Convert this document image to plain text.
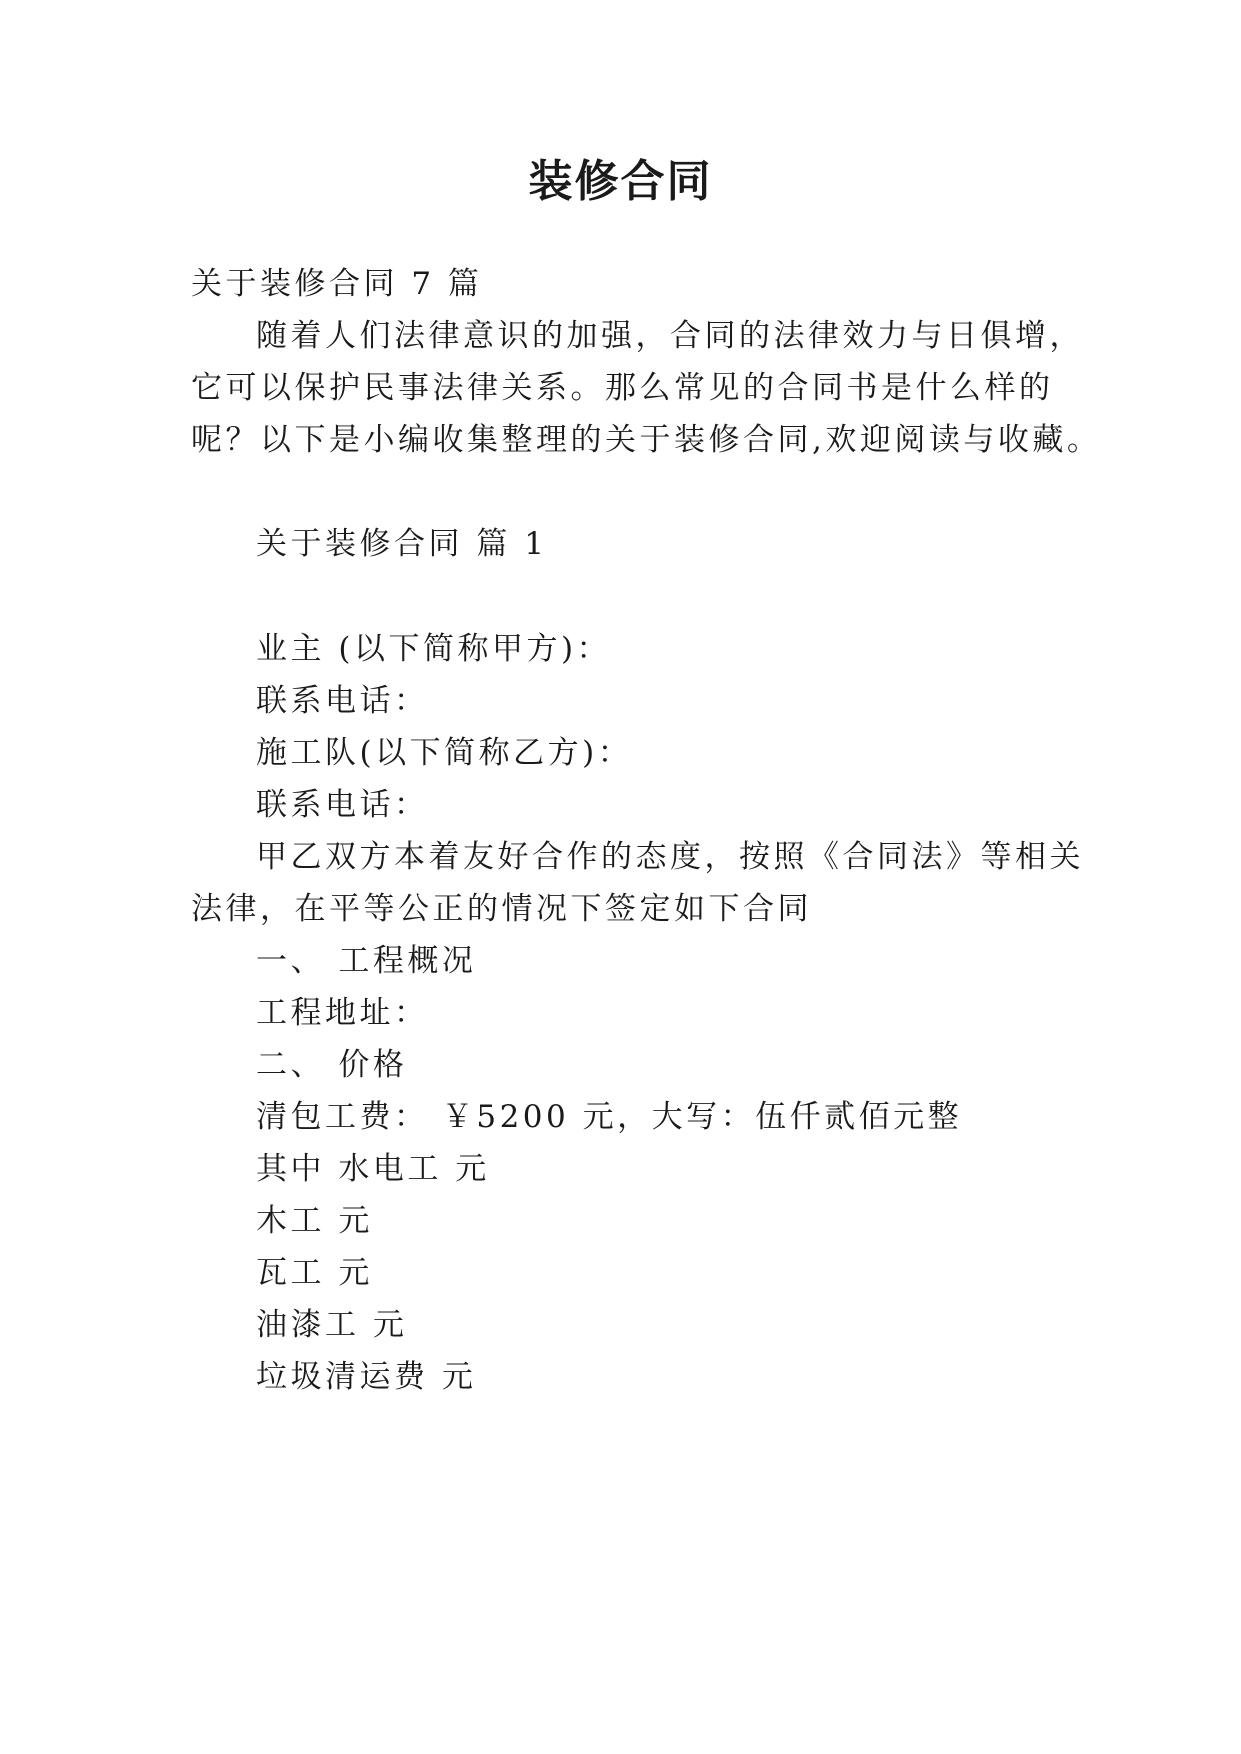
装修合同
关于装修合同 7 篇
随着人们法律意识的加强，合同的法律效力与日俱增，
它可以保护民事法律关系。那么常见的合同书是什么样的
呢？以下是小编收集整理的关于装修合同,欢迎阅读与收藏。
关于装修合同 篇 1
业主 (以下简称甲方)：
联系电话：
施工队(以下简称乙方)：
联系电话：
甲乙双方本着友好合作的态度，按照《合同法》等相关
法律，在平等公正的情况下签定如下合同
一、 工程概况
工程地址：
二、 价格
清包工费： ￥5200 元，大写：伍仟贰佰元整
其中 水电工 元
木工 元
瓦工 元
油漆工 元
垃圾清运费 元
